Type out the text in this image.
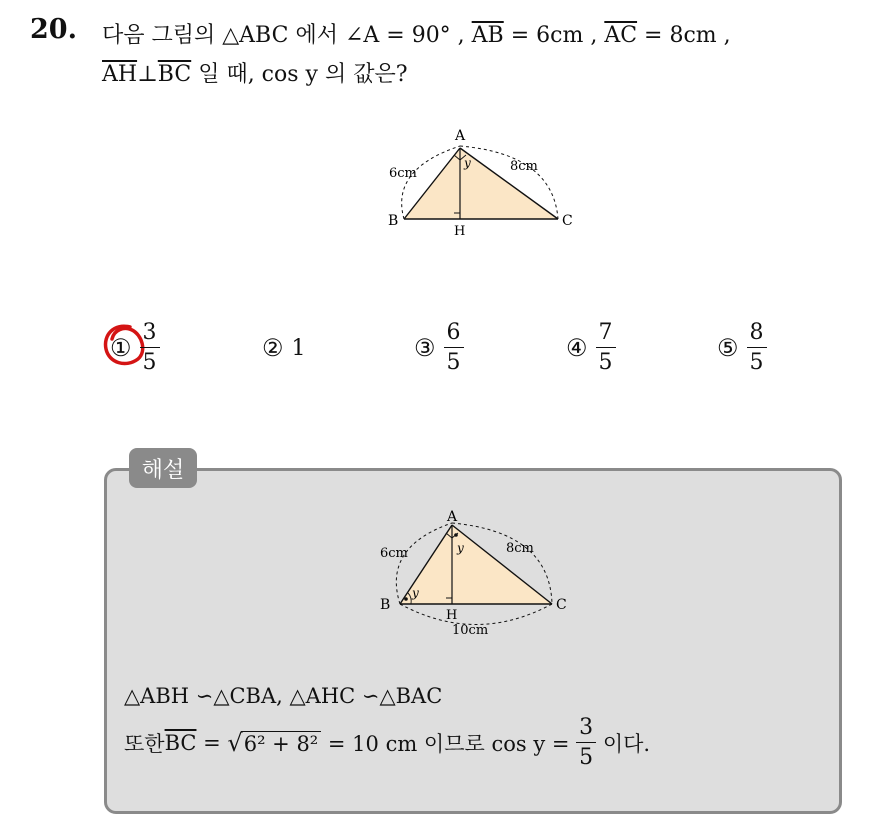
20. 다음 그림의 △ABC 에서 ∠A = 90° , $\overline{AB} = 6cm$ , $\overline{AC} = 8cm$ ,
$\overline{AH}\perp\overline{BC}$ 일 때, cos y 의 값은?
A
B	C
H
y
6cm	8cm
① $\frac{3}{5}$	② 1	③ $\frac{6}{5}$	④ $\frac{7}{5}$	⑤ $\frac{8}{5}$
해설
A
B	C
H
y
y
6cm	8cm
10cm
△ABH ∽△CBA, △AHC ∽△BAC
또한 $\overline{BC}$ = √ 6² + 8² = 10 cm 이므로 $\cos y = \frac{3}{5}$ 이다.
